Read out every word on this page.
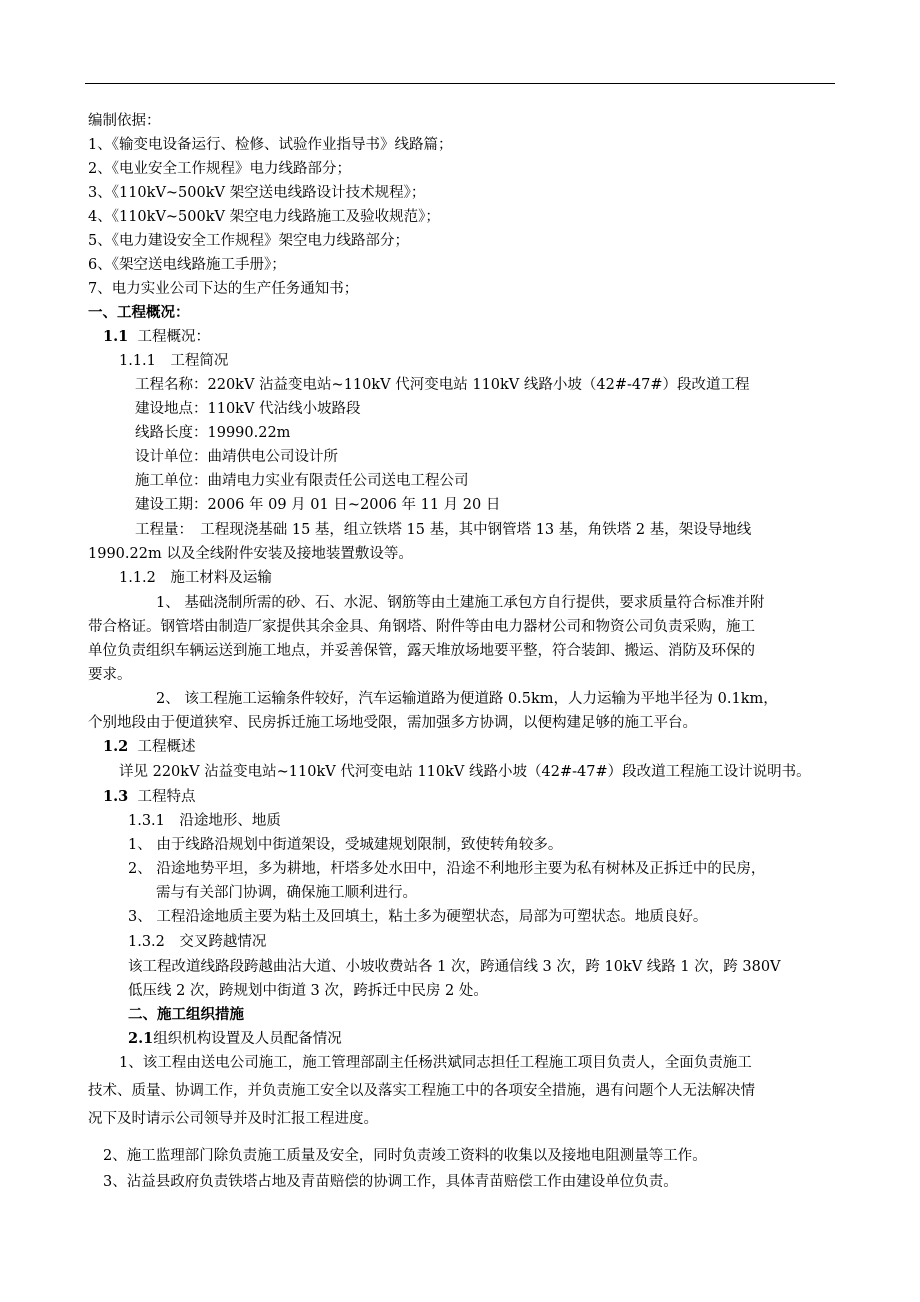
编制依据：
1、《输变电设备运行、检修、试验作业指导书》线路篇；
2、《电业安全工作规程》电力线路部分；
3、《110kV~500kV 架空送电线路设计技术规程》；
4、《110kV~500kV 架空电力线路施工及验收规范》；
5、《电力建设安全工作规程》架空电力线路部分；
6、《架空送电线路施工手册》；
7、电力实业公司下达的生产任务通知书；
一、工程概况：
1.1 工程概况：
1.1.1　工程简况
工程名称：220kV 沾益变电站~110kV 代河变电站 110kV 线路小坡（42#-47#）段改道工程
建设地点：110kV 代沾线小坡路段
线路长度：19990.22m
设计单位：曲靖供电公司设计所
施工单位：曲靖电力实业有限责任公司送电工程公司
建设工期：2006 年 09 月 01 日~2006 年 11 月 20 日
工程量：　工程现浇基础 15 基，组立铁塔 15 基，其中钢管塔 13 基，角铁塔 2 基，架设导地线
1990.22m 以及全线附件安装及接地装置敷设等。
1.1.2　施工材料及运输
1、 基础浇制所需的砂、石、水泥、钢筋等由土建施工承包方自行提供，要求质量符合标准并附
带合格证。钢管塔由制造厂家提供其余金具、角钢塔、附件等由电力器材公司和物资公司负责采购，施工
单位负责组织车辆运送到施工地点，并妥善保管，露天堆放场地要平整，符合装卸、搬运、消防及环保的
要求。
2、 该工程施工运输条件较好，汽车运输道路为便道路 0.5km，人力运输为平地半径为 0.1km，
个别地段由于便道狭窄、民房拆迁施工场地受限，需加强多方协调，以便构建足够的施工平台。
1.2 工程概述
详见 220kV 沾益变电站~110kV 代河变电站 110kV 线路小坡（42#-47#）段改道工程施工设计说明书。
1.3 工程特点
1.3.1　沿途地形、地质
1、 由于线路沿规划中街道架设，受城建规划限制，致使转角较多。
2、 沿途地势平坦，多为耕地，杆塔多处水田中，沿途不利地形主要为私有树林及正拆迁中的民房，
需与有关部门协调，确保施工顺利进行。
3、 工程沿途地质主要为粘土及回填土，粘土多为硬塑状态，局部为可塑状态。地质良好。
1.3.2　交叉跨越情况
该工程改道线路段跨越曲沾大道、小坡收费站各 1 次，跨通信线 3 次，跨 10kV 线路 1 次，跨 380V
低压线 2 次，跨规划中街道 3 次，跨拆迁中民房 2 处。
二、施工组织措施
2.1组织机构设置及人员配备情况
1、该工程由送电公司施工，施工管理部副主任杨洪斌同志担任工程施工项目负责人，全面负责施工
技术、质量、协调工作，并负责施工安全以及落实工程施工中的各项安全措施，遇有问题个人无法解决情
况下及时请示公司领导并及时汇报工程进度。
2、施工监理部门除负责施工质量及安全，同时负责竣工资料的收集以及接地电阻测量等工作。
3、沾益县政府负责铁塔占地及青苗赔偿的协调工作，具体青苗赔偿工作由建设单位负责。
